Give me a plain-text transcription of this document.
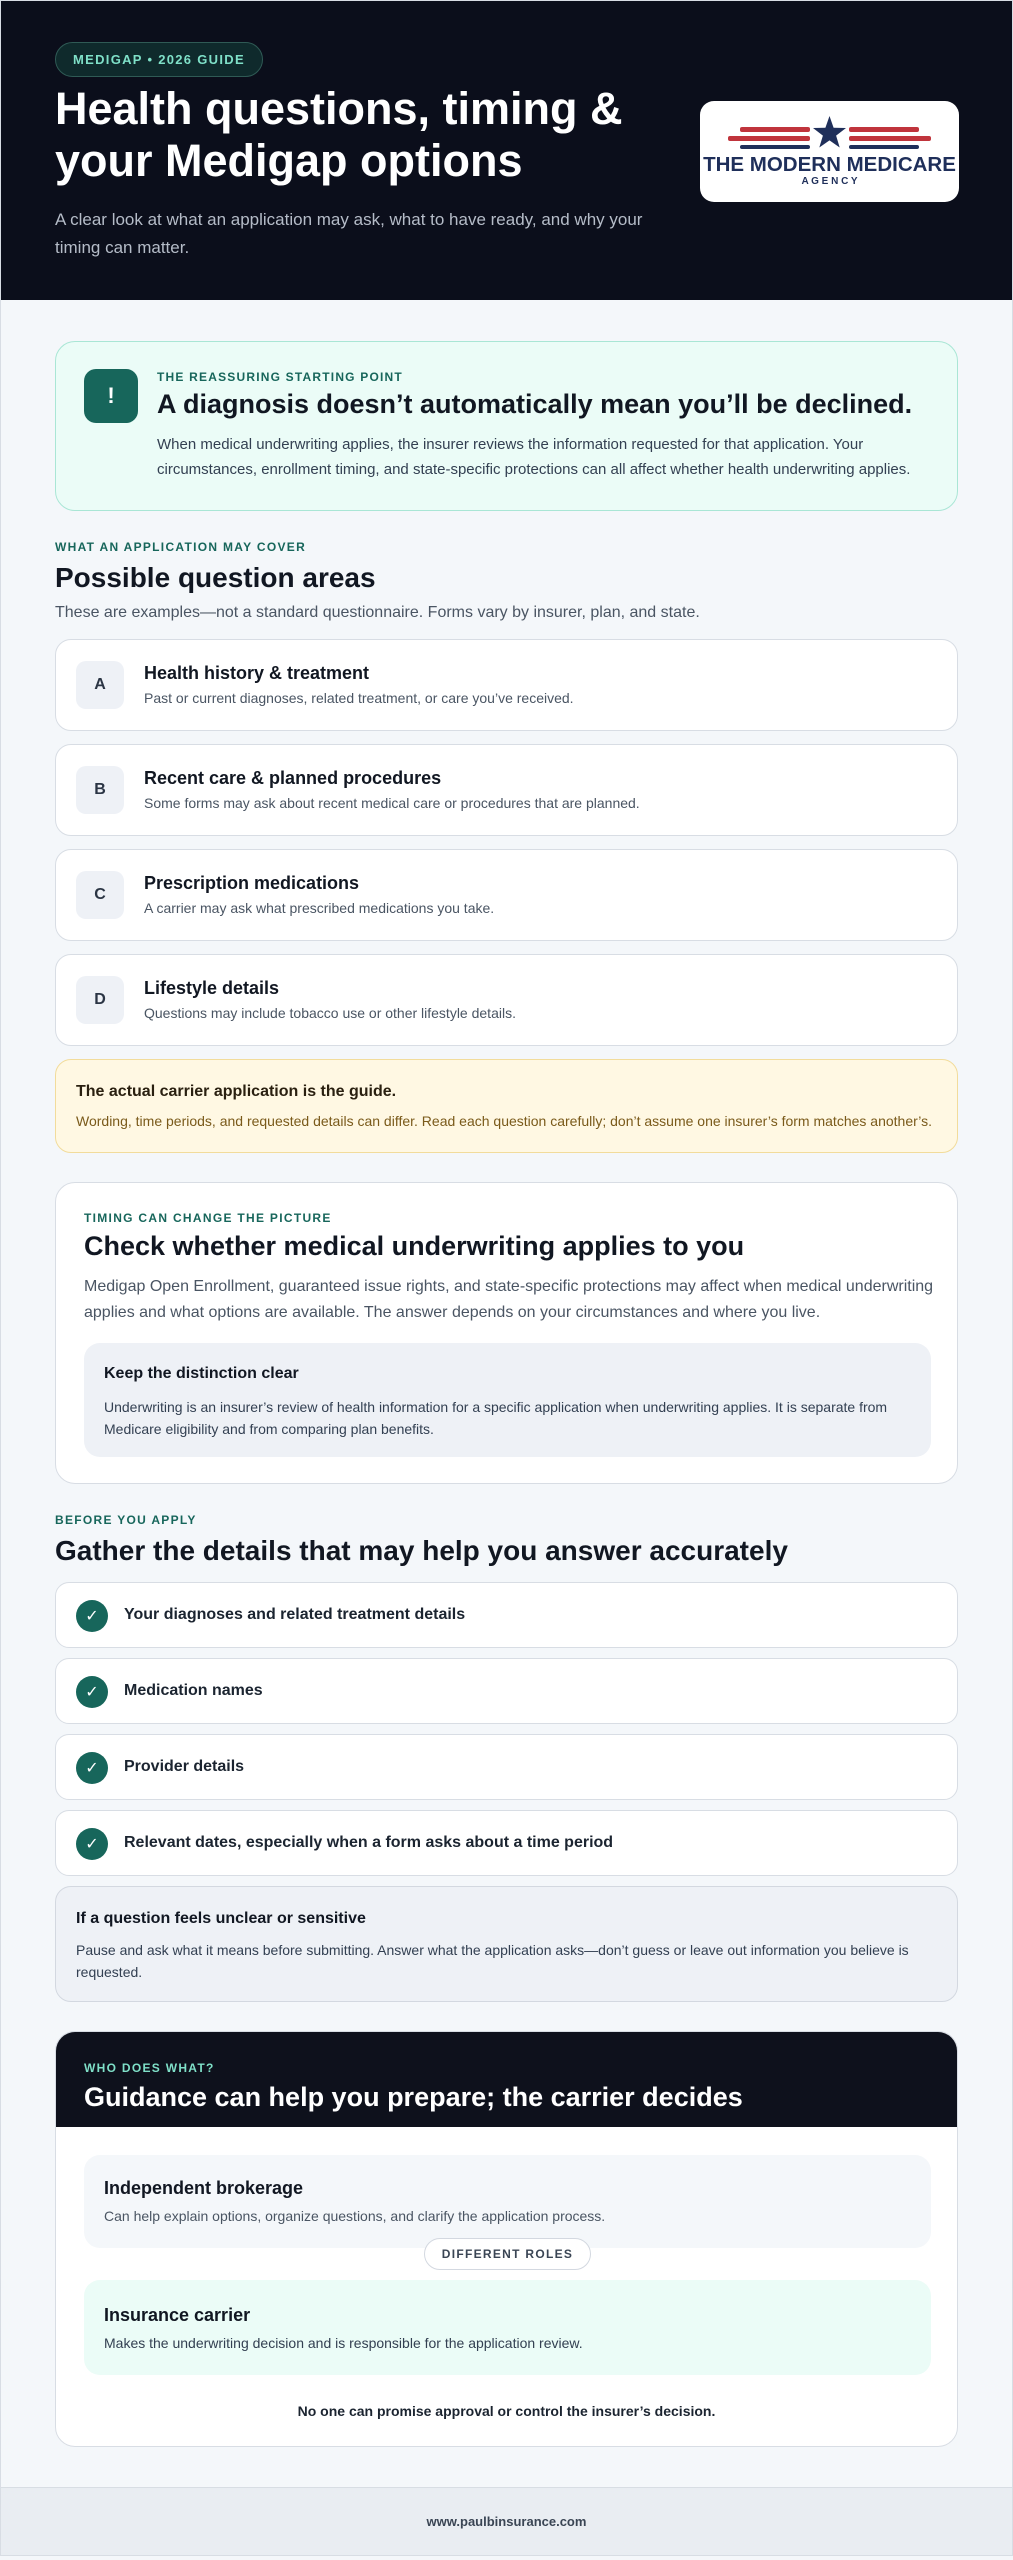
MEDIGAP • 2026 GUIDE
Health questions, timing & your Medigap options

A clear look at what an application may ask, what to have ready, and why your timing can matter.

THE MODERN MEDICARE
A G E N C Y
!
THE REASSURING STARTING POINT
A diagnosis doesn’t automatically mean you’ll be declined.
When medical underwriting applies, the insurer reviews the information requested for that application. Your circumstances, enrollment timing, and state-specific protections can all affect whether health underwriting applies.
WHAT AN APPLICATION MAY COVER
Possible question areas
These are examples—not a standard questionnaire. Forms vary by insurer, plan, and state.
A
Health history & treatment
Past or current diagnoses, related treatment, or care you’ve received.
B
Recent care & planned procedures
Some forms may ask about recent medical care or procedures that are planned.
C
Prescription medications
A carrier may ask what prescribed medications you take.
D
Lifestyle details
Questions may include tobacco use or other lifestyle details.
The actual carrier application is the guide.
Wording, time periods, and requested details can differ. Read each question carefully; don’t assume one insurer’s form matches another’s.
TIMING CAN CHANGE THE PICTURE
Check whether medical underwriting applies to you
Medigap Open Enrollment, guaranteed issue rights, and state-specific protections may affect when medical underwriting applies and what options are available. The answer depends on your circumstances and where you live.
Keep the distinction clear
Underwriting is an insurer’s review of health information for a specific application when underwriting applies. It is separate from Medicare eligibility and from comparing plan benefits.
BEFORE YOU APPLY
Gather the details that may help you answer accurately
✓	Your diagnoses and related treatment details
✓	Medication names
✓	Provider details
✓	Relevant dates, especially when a form asks about a time period
If a question feels unclear or sensitive
Pause and ask what it means before submitting. Answer what the application asks—don’t guess or leave out information you believe is requested.
WHO DOES WHAT?
Guidance can help you prepare; the carrier decides
Independent brokerage
Can help explain options, organize questions, and clarify the application process.
DIFFERENT ROLES
Insurance carrier
Makes the underwriting decision and is responsible for the application review.
No one can promise approval or control the insurer’s decision.
www.paulbinsurance.com
